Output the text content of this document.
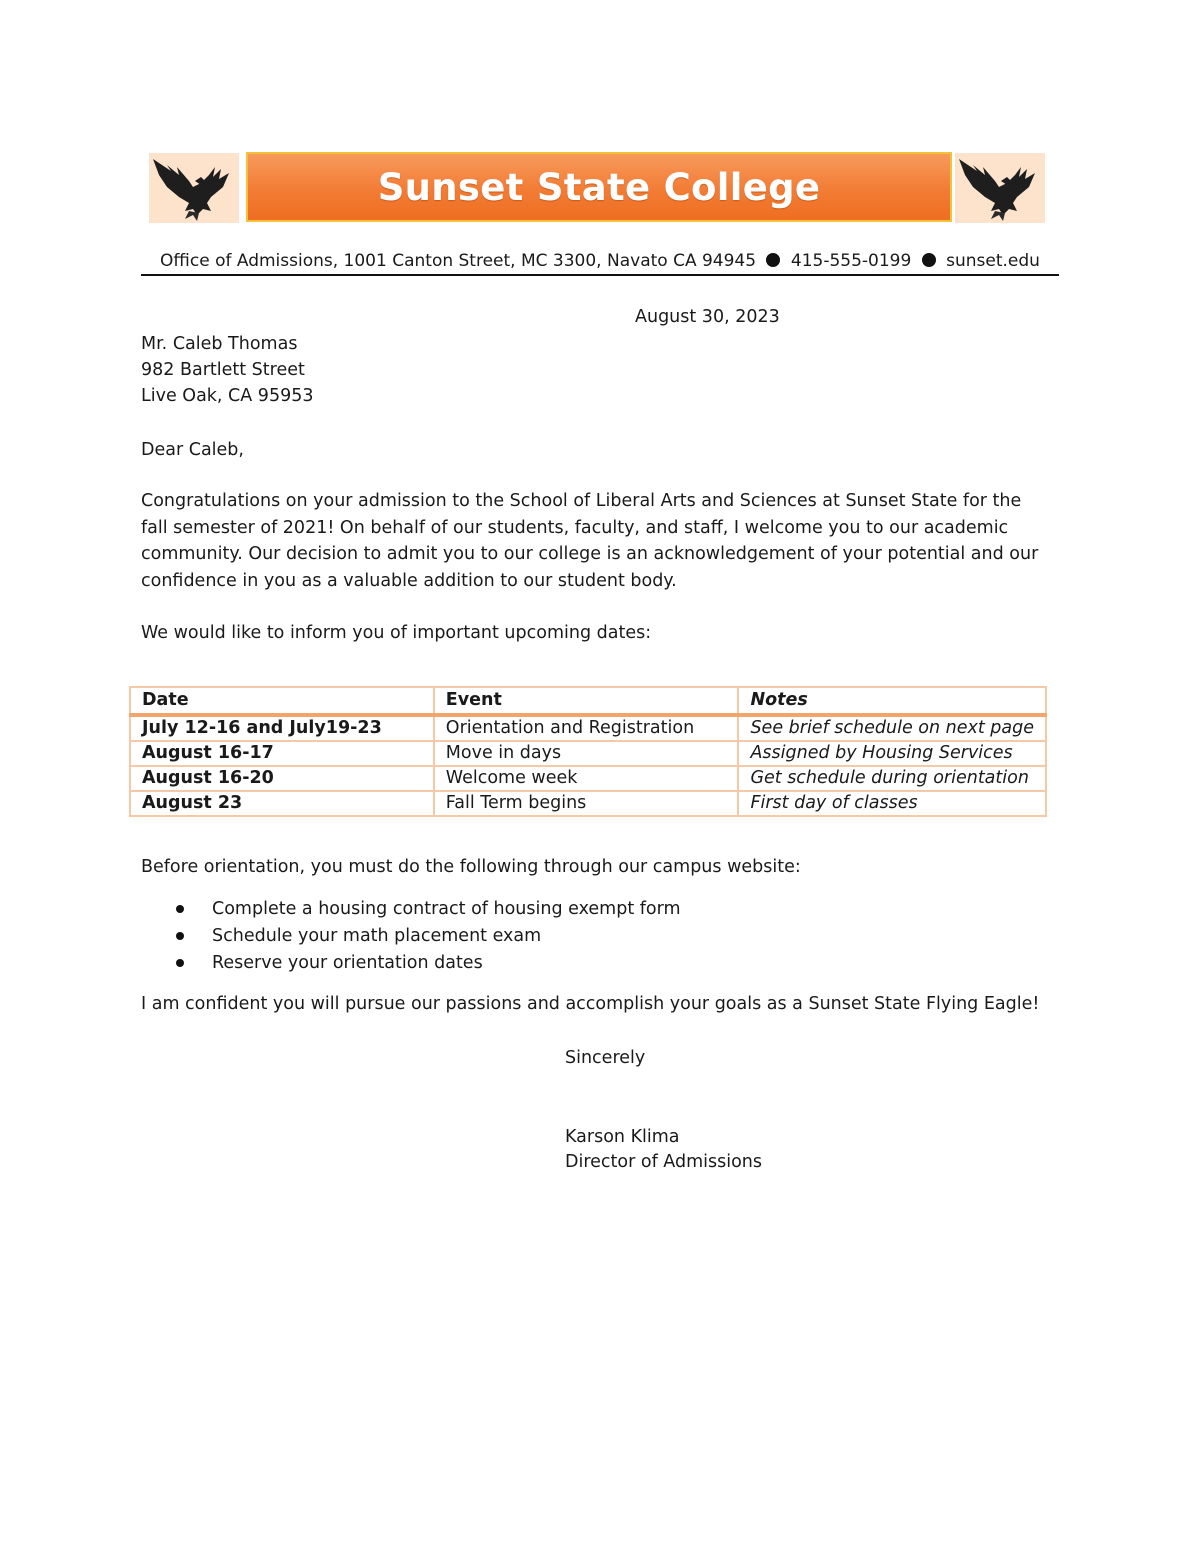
Sunset State College
Office of Admissions, 1001 Canton Street, MC 3300, Navato CA 94945 415-555-0199 sunset.edu
August 30, 2023
Mr. Caleb Thomas
982 Bartlett Street
Live Oak, CA 95953
Dear Caleb,
Congratulations on your admission to the School of Liberal Arts and Sciences at Sunset State for the fall semester of 2021! On behalf of our students, faculty, and staff, I welcome you to our academic community. Our decision to admit you to our college is an acknowledgement of your potential and our confidence in you as a valuable addition to our student body.
We would like to inform you of important upcoming dates:
Date	Event	Notes
July 12-16 and July19-23	Orientation and Registration	See brief schedule on next page
August 16-17	Move in days	Assigned by Housing Services
August 16-20	Welcome week	Get schedule during orientation
August 23	Fall Term begins	First day of classes
Before orientation, you must do the following through our campus website:
Complete a housing contract of housing exempt form
Schedule your math placement exam
Reserve your orientation dates
I am confident you will pursue our passions and accomplish your goals as a Sunset State Flying Eagle!
Sincerely
Karson Klima
Director of Admissions
